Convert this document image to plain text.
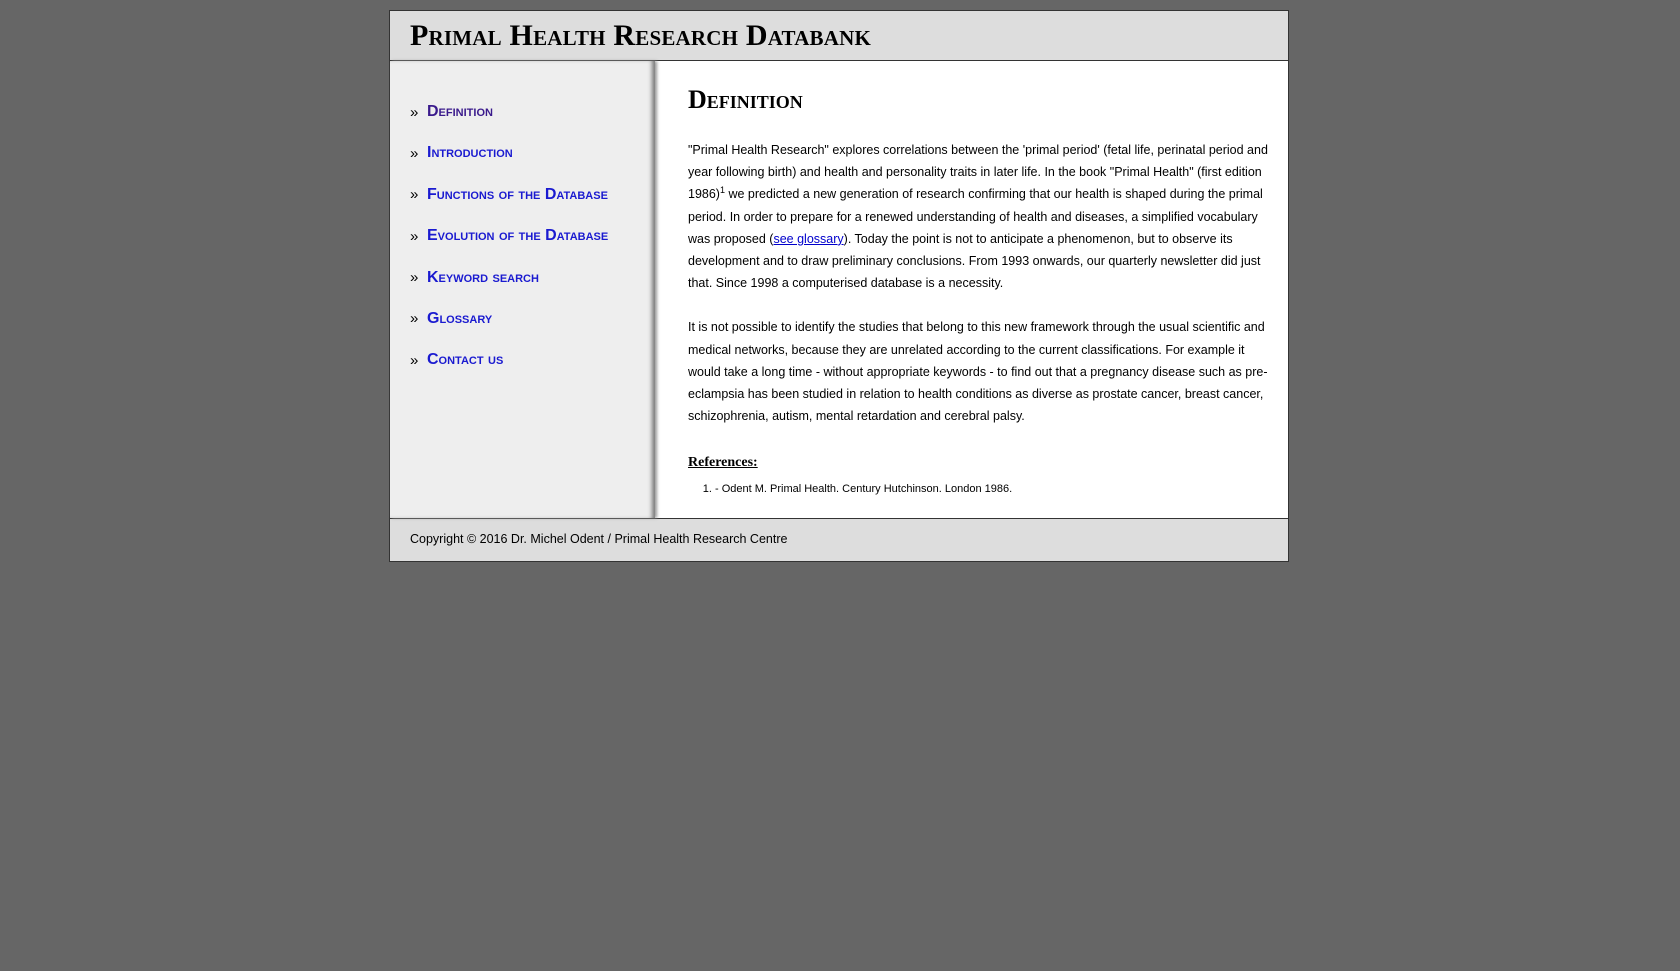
Primal Health Research Databank
» Definition
» Introduction
» Functions of the Database
» Evolution of the Database
» Keyword search
» Glossary
» Contact us
Definition

"Primal Health Research" explores correlations between the 'primal period' (fetal life, perinatal period and year following birth) and health and personality traits in later life. In the book "Primal Health" (first edition 1986)$^1$ we predicted a new generation of research confirming that our health is shaped during the primal period. In order to prepare for a renewed understanding of health and diseases, a simplified vocabulary was proposed (see glossary). Today the point is not to anticipate a phenomenon, but to observe its development and to draw preliminary conclusions. From 1993 onwards, our quarterly newsletter did just that. Since 1998 a computerised database is a necessity.

It is not possible to identify the studies that belong to this new framework through the usual scientific and medical networks, because they are unrelated according to the current classifications. For example it would take a long time - without appropriate keywords - to find out that a pregnancy disease such as pre-eclampsia has been studied in relation to health conditions as diverse as prostate cancer, breast cancer, schizophrenia, autism, mental retardation and cerebral palsy.

References:
1. - Odent M. Primal Health. Century Hutchinson. London 1986.
Copyright © 2016 Dr. Michel Odent / Primal Health Research Centre
